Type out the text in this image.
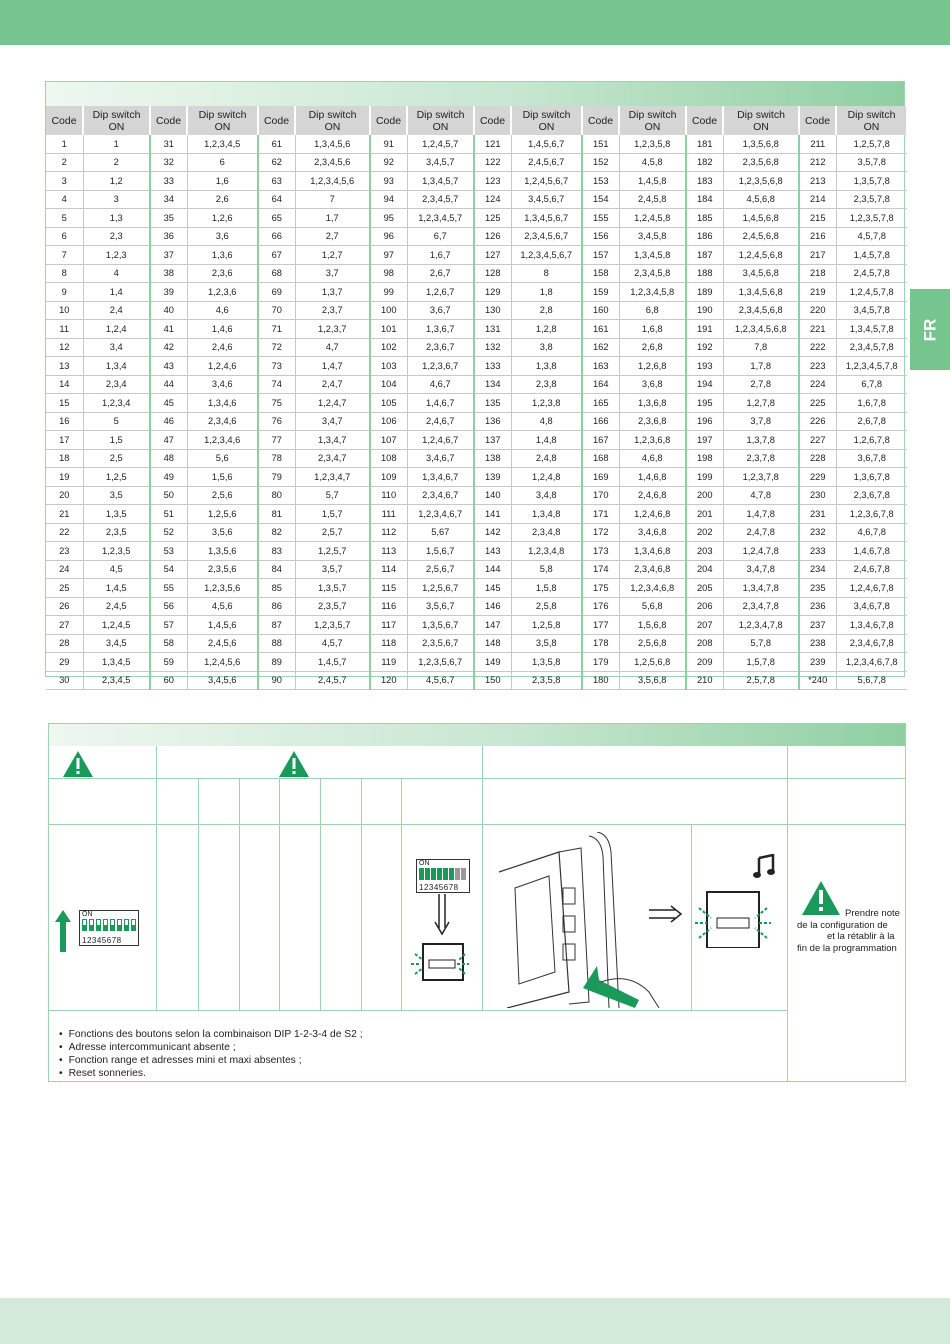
FR
Code	Dip switch
ON	Code	Dip switch
ON	Code	Dip switch
ON	Code	Dip switch
ON	Code	Dip switch
ON	Code	Dip switch
ON	Code	Dip switch
ON	Code	Dip switch
ON
1	1	31	1,2,3,4,5	61	1,3,4,5,6	91	1,2,4,5,7	121	1,4,5,6,7	151	1,2,3,5,8	181	1,3,5,6,8	211	1,2,5,7,8
2	2	32	6	62	2,3,4,5,6	92	3,4,5,7	122	2,4,5,6,7	152	4,5,8	182	2,3,5,6,8	212	3,5,7,8
3	1,2	33	1,6	63	1,2,3,4,5,6	93	1,3,4,5,7	123	1,2,4,5,6,7	153	1,4,5,8	183	1,2,3,5,6,8	213	1,3,5,7,8
4	3	34	2,6	64	7	94	2,3,4,5,7	124	3,4,5,6,7	154	2,4,5,8	184	4,5,6,8	214	2,3,5,7,8
5	1,3	35	1,2,6	65	1,7	95	1,2,3,4,5,7	125	1,3,4,5,6,7	155	1,2,4,5,8	185	1,4,5,6,8	215	1,2,3,5,7,8
6	2,3	36	3,6	66	2,7	96	6,7	126	2,3,4,5,6,7	156	3,4,5,8	186	2,4,5,6,8	216	4,5,7,8
7	1,2,3	37	1,3,6	67	1,2,7	97	1,6,7	127	1,2,3,4,5,6,7	157	1,3,4,5,8	187	1,2,4,5,6,8	217	1,4,5,7,8
8	4	38	2,3,6	68	3,7	98	2,6,7	128	8	158	2,3,4,5,8	188	3,4,5,6,8	218	2,4,5,7,8
9	1,4	39	1,2,3,6	69	1,3,7	99	1,2,6,7	129	1,8	159	1,2,3,4,5,8	189	1,3,4,5,6,8	219	1,2,4,5,7,8
10	2,4	40	4,6	70	2,3,7	100	3,6,7	130	2,8	160	6,8	190	2,3,4,5,6,8	220	3,4,5,7,8
11	1,2,4	41	1,4,6	71	1,2,3,7	101	1,3,6,7	131	1,2,8	161	1,6,8	191	1,2,3,4,5,6,8	221	1,3,4,5,7,8
12	3,4	42	2,4,6	72	4,7	102	2,3,6,7	132	3,8	162	2,6,8	192	7,8	222	2,3,4,5,7,8
13	1,3,4	43	1,2,4,6	73	1,4,7	103	1,2,3,6,7	133	1,3,8	163	1,2,6,8	193	1,7,8	223	1,2,3,4,5,7,8
14	2,3,4	44	3,4,6	74	2,4,7	104	4,6,7	134	2,3,8	164	3,6,8	194	2,7,8	224	6,7,8
15	1,2,3,4	45	1,3,4,6	75	1,2,4,7	105	1,4,6,7	135	1,2,3,8	165	1,3,6,8	195	1,2,7,8	225	1,6,7,8
16	5	46	2,3,4,6	76	3,4,7	106	2,4,6,7	136	4,8	166	2,3,6,8	196	3,7,8	226	2,6,7,8
17	1,5	47	1,2,3,4,6	77	1,3,4,7	107	1,2,4,6,7	137	1,4,8	167	1,2,3,6,8	197	1,3,7,8	227	1,2,6,7,8
18	2,5	48	5,6	78	2,3,4,7	108	3,4,6,7	138	2,4,8	168	4,6,8	198	2,3,7,8	228	3,6,7,8
19	1,2,5	49	1,5,6	79	1,2,3,4,7	109	1,3,4,6,7	139	1,2,4,8	169	1,4,6,8	199	1,2,3,7,8	229	1,3,6,7,8
20	3,5	50	2,5,6	80	5,7	110	2,3,4,6,7	140	3,4,8	170	2,4,6,8	200	4,7,8	230	2,3,6,7,8
21	1,3,5	51	1,2,5,6	81	1,5,7	111	1,2,3,4,6,7	141	1,3,4,8	171	1,2,4,6,8	201	1,4,7,8	231	1,2,3,6,7,8
22	2,3,5	52	3,5,6	82	2,5,7	112	5,67	142	2,3,4,8	172	3,4,6,8	202	2,4,7,8	232	4,6,7,8
23	1,2,3,5	53	1,3,5,6	83	1,2,5,7	113	1,5,6,7	143	1,2,3,4,8	173	1,3,4,6,8	203	1,2,4,7,8	233	1,4,6,7,8
24	4,5	54	2,3,5,6	84	3,5,7	114	2,5,6,7	144	5,8	174	2,3,4,6,8	204	3,4,7,8	234	2,4,6,7,8
25	1,4,5	55	1,2,3,5,6	85	1,3,5,7	115	1,2,5,6,7	145	1,5,8	175	1,2,3,4,6,8	205	1,3,4,7,8	235	1,2,4,6,7,8
26	2,4,5	56	4,5,6	86	2,3,5,7	116	3,5,6,7	146	2,5,8	176	5,6,8	206	2,3,4,7,8	236	3,4,6,7,8
27	1,2,4,5	57	1,4,5,6	87	1,2,3,5,7	117	1,3,5,6,7	147	1,2,5,8	177	1,5,6,8	207	1,2,3,4,7,8	237	1,3,4,6,7,8
28	3,4,5	58	2,4,5,6	88	4,5,7	118	2,3,5,6,7	148	3,5,8	178	2,5,6,8	208	5,7,8	238	2,3,4,6,7,8
29	1,3,4,5	59	1,2,4,5,6	89	1,4,5,7	119	1,2,3,5,6,7	149	1,3,5,8	179	1,2,5,6,8	209	1,5,7,8	239	1,2,3,4,6,7,8
30	2,3,4,5	60	3,4,5,6	90	2,4,5,7	120	4,5,6,7	150	2,3,5,8	180	3,5,6,8	210	2,5,7,8	*240	5,6,7,8
ON
12345678
ON
12345678
Prendre note
de la configuration de
et la rétablir à la
fin de la programmation
• Fonctions des boutons selon la combinaison DIP 1-2-3-4 de S2 ;
• Adresse intercommunicant absente ;
• Fonction range et adresses mini et maxi absentes ;
• Reset sonneries.
